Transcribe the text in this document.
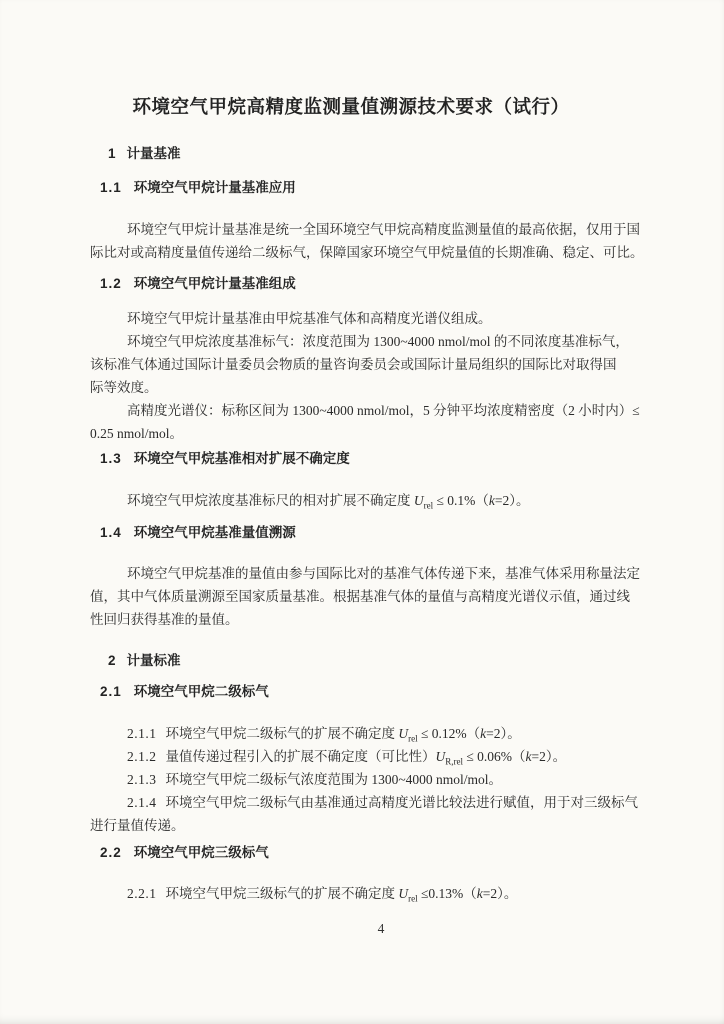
环境空气甲烷高精度监测量值溯源技术要求（试行）
1 计量基准
1.1 环境空气甲烷计量基准应用
环境空气甲烷计量基准是统一全国环境空气甲烷高精度监测量值的最高依据，仅用于国
际比对或高精度量值传递给二级标气，保障国家环境空气甲烷量值的长期准确、稳定、可比。
1.2 环境空气甲烷计量基准组成
环境空气甲烷计量基准由甲烷基准气体和高精度光谱仪组成。
环境空气甲烷浓度基准标气：浓度范围为 1300~4000 nmol/mol 的不同浓度基准标气，
该标准气体通过国际计量委员会物质的量咨询委员会或国际计量局组织的国际比对取得国
际等效度。
高精度光谱仪：标称区间为 1300~4000 nmol/mol，5 分钟平均浓度精密度（2 小时内）≤
0.25 nmol/mol。
1.3 环境空气甲烷基准相对扩展不确定度
环境空气甲烷浓度基准标尺的相对扩展不确定度 $U_{rel} \le 0.1\%(k=2)$。
1.4 环境空气甲烷基准量值溯源
环境空气甲烷基准的量值由参与国际比对的基准气体传递下来，基准气体采用称量法定
值，其中气体质量溯源至国家质量基准。根据基准气体的量值与高精度光谱仪示值，通过线
性回归获得基准的量值。
2 计量标准
2.1 环境空气甲烷二级标气
2.1.1 环境空气甲烷二级标气的扩展不确定度 $U_{rel} \le 0.12\%(k=2)$。
2.1.2 量值传递过程引入的扩展不确定度（可比性）$U_{R,rel} \le 0.06\%(k=2)$。
2.1.3 环境空气甲烷二级标气浓度范围为 1300~4000 nmol/mol。
2.1.4 环境空气甲烷二级标气由基准通过高精度光谱比较法进行赋值，用于对三级标气
进行量值传递。
2.2 环境空气甲烷三级标气
2.2.1 环境空气甲烷三级标气的扩展不确定度 $U_{rel} \le 0.13\%(k=2)$。
4
